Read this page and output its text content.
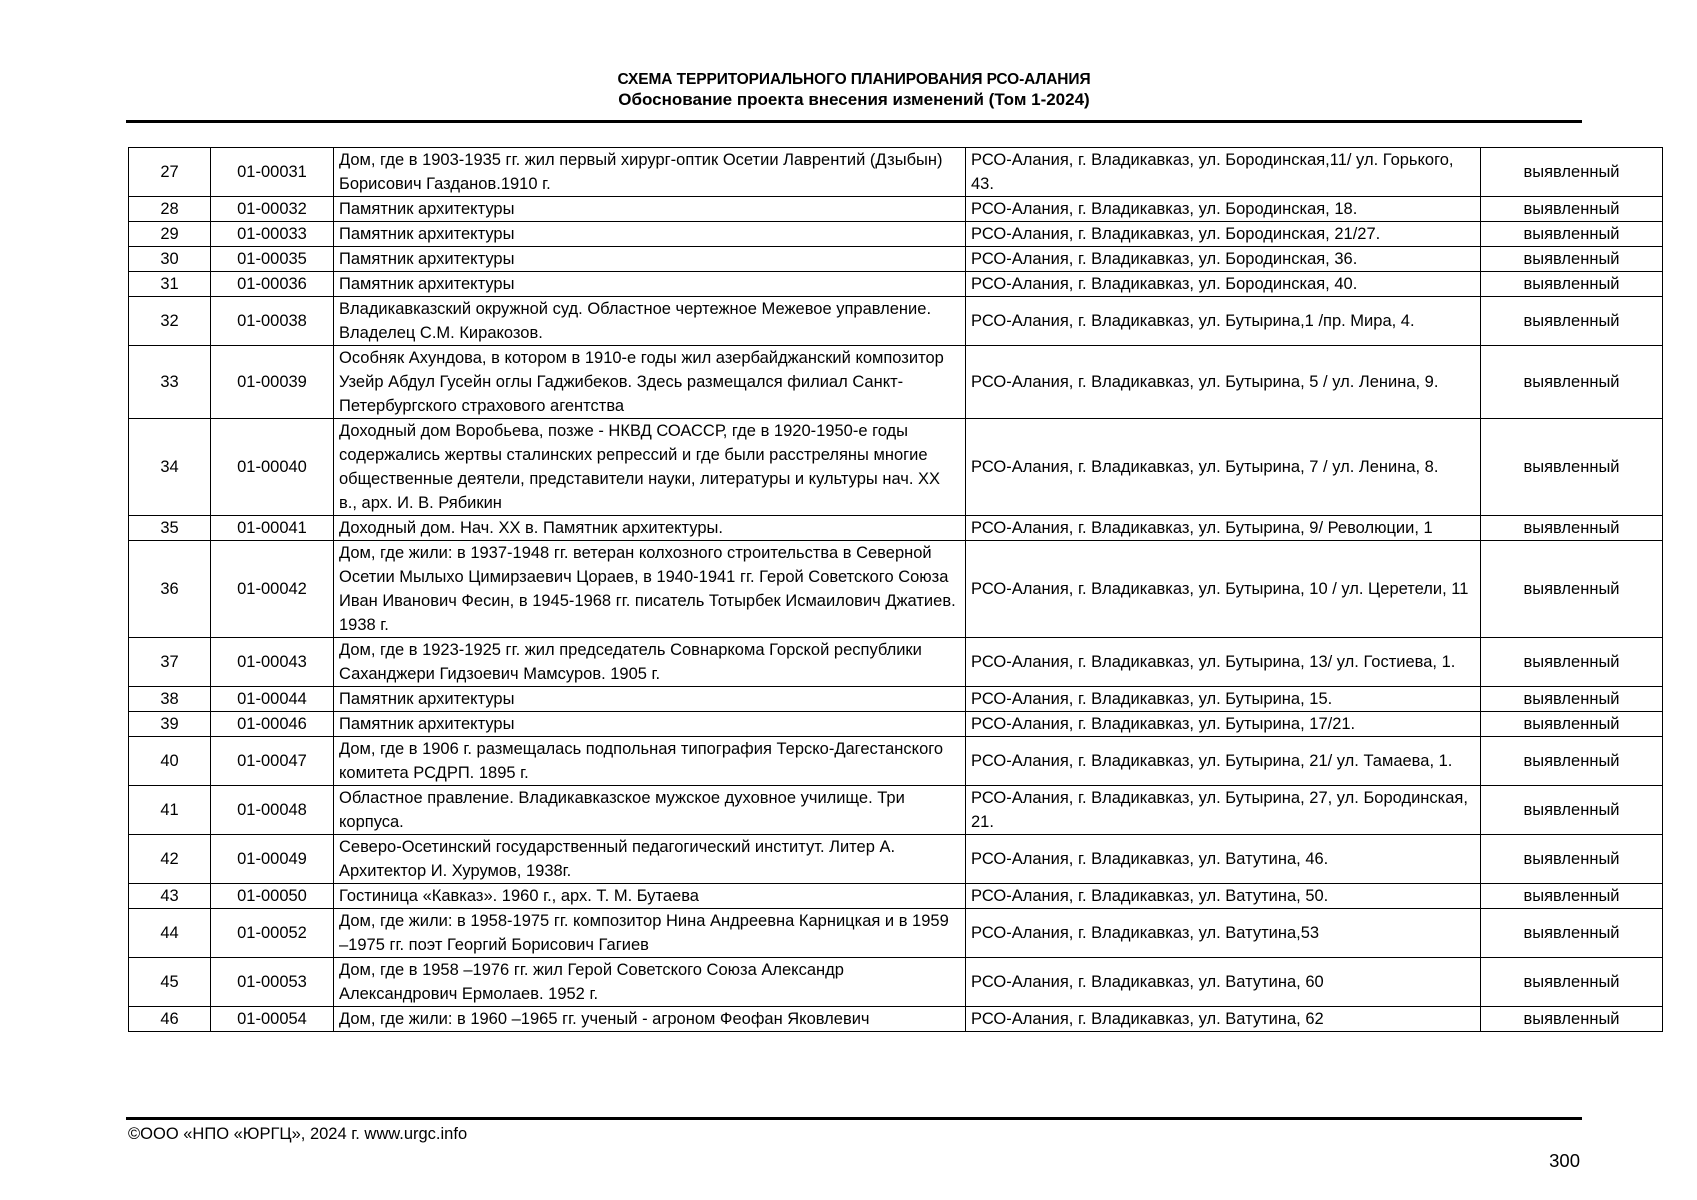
СХЕМА ТЕРРИТОРИАЛЬНОГО ПЛАНИРОВАНИЯ РСО-АЛАНИЯ
Обоснование проекта внесения изменений (Том 1-2024)
27	01-00031	Дом, где в 1903-1935 гг. жил первый хирург-оптик Осетии Лаврентий (Дзыбын) Борисович Газданов.1910 г.	РСО-Алания, г. Владикавказ, ул. Бородинская,11/ ул. Горького, 43.	выявленный
28	01-00032	Памятник архитектуры	РСО-Алания, г. Владикавказ, ул. Бородинская, 18.	выявленный
29	01-00033	Памятник архитектуры	РСО-Алания, г. Владикавказ, ул. Бородинская, 21/27.	выявленный
30	01-00035	Памятник архитектуры	РСО-Алания, г. Владикавказ, ул. Бородинская, 36.	выявленный
31	01-00036	Памятник архитектуры	РСО-Алания, г. Владикавказ, ул. Бородинская, 40.	выявленный
32	01-00038	Владикавказский окружной суд. Областное чертежное Межевое управление. Владелец С.М. Киракозов.	РСО-Алания, г. Владикавказ, ул. Бутырина,1 /пр. Мира, 4.	выявленный
33	01-00039	Особняк Ахундова, в котором в 1910-е годы жил азербайджанский композитор Узейр Абдул Гусейн оглы Гаджибеков. Здесь размещался филиал Санкт-Петербургского страхового агентства	РСО-Алания, г. Владикавказ, ул. Бутырина, 5 / ул. Ленина, 9.	выявленный
34	01-00040	Доходный дом Воробьева, позже - НКВД СОАССР, где в 1920-1950-е годы содержались жертвы сталинских репрессий и где были расстреляны многие общественные деятели, представители науки, литературы и культуры нач. ХХ в., арх. И. В. Рябикин	РСО-Алания, г. Владикавказ, ул. Бутырина, 7 / ул. Ленина, 8.	выявленный
35	01-00041	Доходный дом. Нач. ХХ в. Памятник архитектуры.	РСО-Алания, г. Владикавказ, ул. Бутырина, 9/ Революции, 1	выявленный
36	01-00042	Дом, где жили: в 1937-1948 гг. ветеран колхозного строительства в Северной Осетии Мылыхо Цимирзаевич Цораев, в 1940-1941 гг. Герой Советского Союза Иван Иванович Фесин, в 1945-1968 гг. писатель Тотырбек Исмаилович Джатиев. 1938 г.	РСО-Алания, г. Владикавказ, ул. Бутырина, 10 / ул. Церетели, 11	выявленный
37	01-00043	Дом, где в 1923-1925 гг. жил председатель Совнаркома Горской республики Саханджери Гидзоевич Мамсуров. 1905 г.	РСО-Алания, г. Владикавказ, ул. Бутырина, 13/ ул. Гостиева, 1.	выявленный
38	01-00044	Памятник архитектуры	РСО-Алания, г. Владикавказ, ул. Бутырина, 15.	выявленный
39	01-00046	Памятник архитектуры	РСО-Алания, г. Владикавказ, ул. Бутырина, 17/21.	выявленный
40	01-00047	Дом, где в 1906 г. размещалась подпольная типография Терско-Дагестанского комитета РСДРП. 1895 г.	РСО-Алания, г. Владикавказ, ул. Бутырина, 21/ ул. Тамаева, 1.	выявленный
41	01-00048	Областное правление. Владикавказское мужское духовное училище. Три корпуса.	РСО-Алания, г. Владикавказ, ул. Бутырина, 27, ул. Бородинская, 21.	выявленный
42	01-00049	Северо-Осетинский государственный педагогический институт. Литер А. Архитектор И. Хурумов, 1938г.	РСО-Алания, г. Владикавказ, ул. Ватутина, 46.	выявленный
43	01-00050	Гостиница «Кавказ». 1960 г., арх. Т. М. Бутаева	РСО-Алания, г. Владикавказ, ул. Ватутина, 50.	выявленный
44	01-00052	Дом, где жили: в 1958-1975 гг. композитор Нина Андреевна Карницкая и в 1959 –1975 гг. поэт Георгий Борисович Гагиев	РСО-Алания, г. Владикавказ, ул. Ватутина,53	выявленный
45	01-00053	Дом, где в 1958 –1976 гг. жил Герой Советского Союза Александр Александрович Ермолаев. 1952 г.	РСО-Алания, г. Владикавказ, ул. Ватутина, 60	выявленный
46	01-00054	Дом, где жили: в 1960 –1965 гг. ученый - агроном Феофан Яковлевич	РСО-Алания, г. Владикавказ, ул. Ватутина, 62	выявленный
©ООО «НПО «ЮРГЦ», 2024 г. www.urgc.info
300
